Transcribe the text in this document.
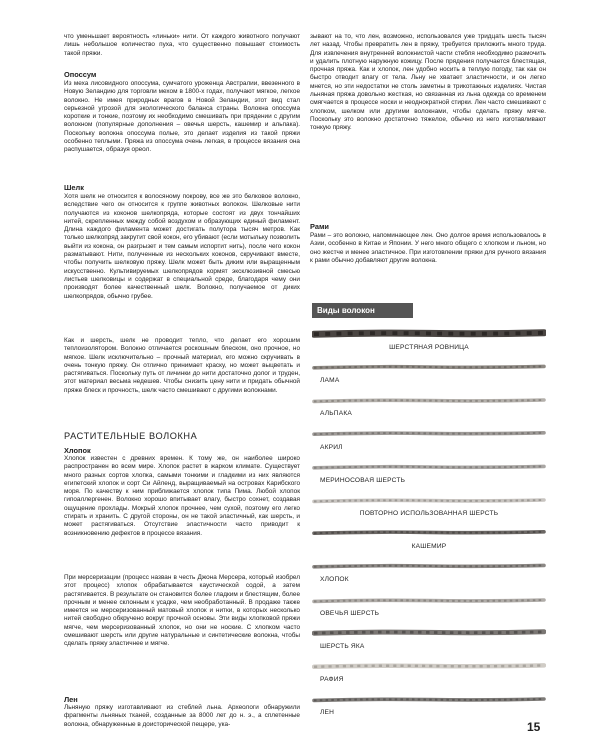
что уменьшает вероятность «линьки» нити. От каждого животного получают лишь небольшое количество пуха, что существенно повышает стоимость такой пряжи.

Опоссум

Из меха лисовидного опоссума, сумчатого уроженца Австралии, ввезенного в Новую Зеландию для торговли мехом в 1800-х годах, получают мягкое, легкое волокно. Не имея природных врагов в Новой Зеландии, этот вид стал серьезной угрозой для экологического баланса страны. Волокна опоссума короткие и тонкие, поэтому их необходимо смешивать при прядении с другим волокном (популярные дополнения – овечья шерсть, кашемир и альпака). Поскольку волокна опоссума полые, это делает изделия из такой пряжи особенно теплыми. Пряжа из опоссума очень легкая, в процессе вязания она распушается, образуя ореол.

Шелк

Хотя шелк не относится к волосяному покрову, все же это белковое волокно, вследствие чего он относится к группе животных волокон. Шелковые нити получаются из коконов шелкопряда, которые состоят из двух тончайших нитей, скрепленных между собой воздухом и образующих единый филамент. Длина каждого филамента может достигать полутора тысяч метров. Как только шелкопряд закрутит свой кокон, его убивают (если мотыльку позволить выйти из кокона, он разгрызет и тем самым испортит нить), после чего кокон разматывают. Нити, полученные из нескольких коконов, скручивают вместе, чтобы получить шелковую пряжу. Шелк может быть диким или выращенным искусственно. Культивируемых шелкопрядов кормят эксклюзивной смесью листьев шелковицы и содержат в специальной среде, благодаря чему они производят более качественный шелк. Волокно, получаемое от диких шелкопрядов, обычно грубее.

Как и шерсть, шелк не проводит тепло, что делает его хорошим теплоизолятором. Волокно отличается роскошным блеском, оно прочное, но мягкое. Шелк исключительно – прочный материал, его можно скручивать в очень тонкую пряжу. Он отлично принимает краску, но может выцветать и растягиваться. Поскольку путь от личинки до нити достаточно долог и труден, этот материал весьма недешев. Чтобы снизить цену нити и придать обычной пряже блеск и прочность, шелк часто смешивают с другими волокнами.

РАСТИТЕЛЬНЫЕ ВОЛОКНА
Хлопок

Хлопок известен с древних времен. К тому же, он наиболее широко распространен во всем мире. Хлопок растет в жарком климате. Существует много разных сортов хлопка, самыми тонкими и гладкими из них являются египетский хлопок и сорт Си Айленд, выращиваемый на островах Карибского моря. По качеству к ним приближается хлопок типа Пима. Любой хлопок гипоаллергенен. Волокно хорошо впитывает влагу, быстро сохнет, создавая ощущение прохлады. Мокрый хлопок прочнее, чем сухой, поэтому его легко стирать и хранить. С другой стороны, он не такой эластичный, как шерсть, и может растягиваться. Отсутствие эластичности часто приводит к возникновению дефектов в процессе вязания.

При мерсеризации (процесс назван в честь Джона Мерсера, который изобрел этот процесс) хлопок обрабатывается каустической содой, а затем растягивается. В результате он становится более гладким и блестящим, более прочным и менее склонным к усадке, чем необработанный. В продаже также имеется не мерсеризованный матовый хлопок и нитки, в которых несколько нитей свободно обкручено вокруг прочной основы. Эти виды хлопковой пряжи мягче, чем мерсеризованный хлопок, но они не ноские. С хлопком часто смешивают шерсть или другие натуральные и синтетические волокна, чтобы сделать пряжу эластичнее и мягче.

Лен

Льняную пряжу изготавливают из стеблей льна. Археологи обнаружили фрагменты льняных тканей, созданные за 8000 лет до н. э., а сплетенные волокна, обнаруженные в доисторической пещере, ука-

зывают на то, что лен, возможно, использовался уже тридцать шесть тысяч лет назад. Чтобы превратить лен в пряжу, требуется приложить много труда. Для извлечения внутренней волокнистой части стебля необходимо размочить и удалить плотную наружную кожицу. После прядения получается блестящая, прочная пряжа. Как и хлопок, лен удобно носить в теплую погоду, так как он быстро отводит влагу от тела. Льну не хватает эластичности, и он легко мнется, но эти недостатки не столь заметны в трикотажных изделиях. Чистая льняная пряжа довольно жесткая, но связанная из льна одежда со временем смягчается в процессе носки и неоднократной стирки. Лен часто смешивают с хлопком, шелком или другими волокнами, чтобы сделать пряжу мягче. Поскольку это волокно достаточно тяжелое, обычно из него изготавливают тонкую пряжу.

Рами

Рами – это волокно, напоминающее лен. Оно долгое время использовалось в Азии, особенно в Китае и Японии. У него много общего с хлопком и льном, но оно жестче и менее эластичное. При изготовлении пряжи для ручного вязания к рами обычно добавляют другие волокна.

Виды волокон
ШЕРСТЯНАЯ РОВНИЦА
ЛАМА
АЛЬПАКА
АКРИЛ
МЕРИНОСОВАЯ ШЕРСТЬ
ПОВТОРНО ИСПОЛЬЗОВАННАЯ ШЕРСТЬ
КАШЕМИР
ХЛОПОК
ОВЕЧЬЯ ШЕРСТЬ
ШЕРСТЬ ЯКА
РАФИЯ
ЛЕН
15
